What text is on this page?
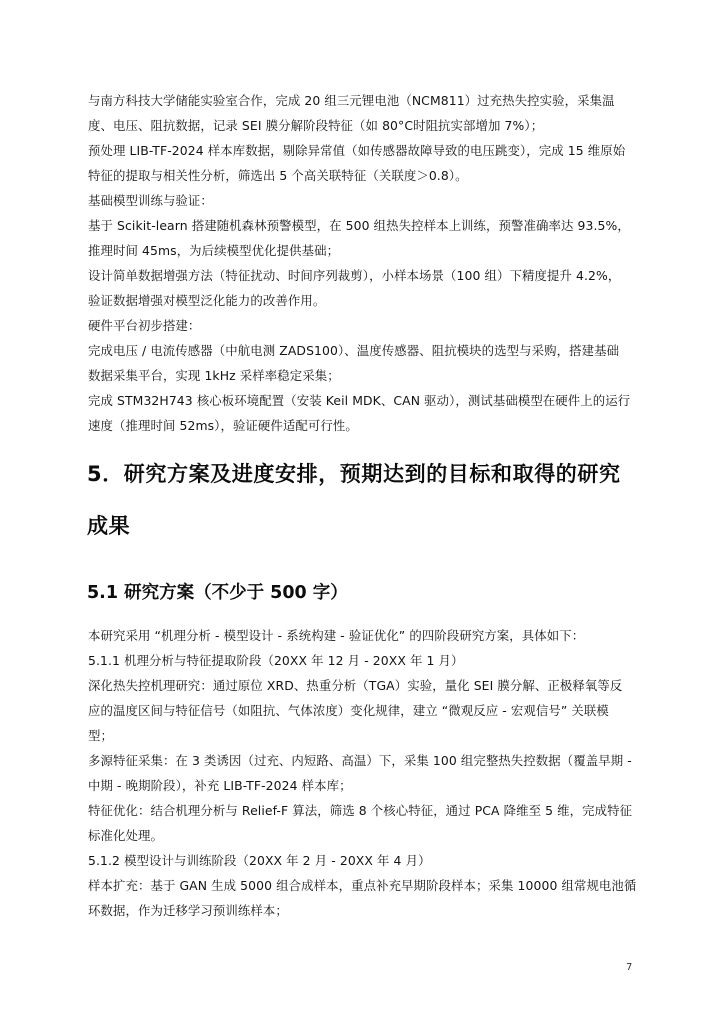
与南方科技大学储能实验室合作，完成 20 组三元锂电池（NCM811）过充热失控实验，采集温
度、电压、阻抗数据，记录 SEI 膜分解阶段特征（如 80°C时阻抗实部增加 7%）；
预处理 LIB-TF-2024 样本库数据，剔除异常值（如传感器故障导致的电压跳变），完成 15 维原始
特征的提取与相关性分析，筛选出 5 个高关联特征（关联度＞0.8）。
基础模型训练与验证：
基于 Scikit-learn 搭建随机森林预警模型，在 500 组热失控样本上训练，预警准确率达 93.5%，
推理时间 45ms，为后续模型优化提供基础；
设计简单数据增强方法（特征扰动、时间序列裁剪），小样本场景（100 组）下精度提升 4.2%，
验证数据增强对模型泛化能力的改善作用。
硬件平台初步搭建：
完成电压 / 电流传感器（中航电测 ZADS100）、温度传感器、阻抗模块的选型与采购，搭建基础
数据采集平台，实现 1kHz 采样率稳定采集；
完成 STM32H743 核心板环境配置（安装 Keil MDK、CAN 驱动），测试基础模型在硬件上的运行
速度（推理时间 52ms），验证硬件适配可行性。
5．研究方案及进度安排，预期达到的目标和取得的研究
成果
5.1 研究方案（不少于 500 字）
本研究采用 “机理分析 - 模型设计 - 系统构建 - 验证优化” 的四阶段研究方案，具体如下：
5.1.1 机理分析与特征提取阶段（20XX 年 12 月 - 20XX 年 1 月）
深化热失控机理研究：通过原位 XRD、热重分析（TGA）实验，量化 SEI 膜分解、正极释氧等反
应的温度区间与特征信号（如阻抗、气体浓度）变化规律，建立 “微观反应 - 宏观信号” 关联模
型；
多源特征采集：在 3 类诱因（过充、内短路、高温）下，采集 100 组完整热失控数据（覆盖早期 -
中期 - 晚期阶段），补充 LIB-TF-2024 样本库；
特征优化：结合机理分析与 Relief-F 算法，筛选 8 个核心特征，通过 PCA 降维至 5 维，完成特征
标准化处理。
5.1.2 模型设计与训练阶段（20XX 年 2 月 - 20XX 年 4 月）
样本扩充：基于 GAN 生成 5000 组合成样本，重点补充早期阶段样本；采集 10000 组常规电池循
环数据，作为迁移学习预训练样本；
7
